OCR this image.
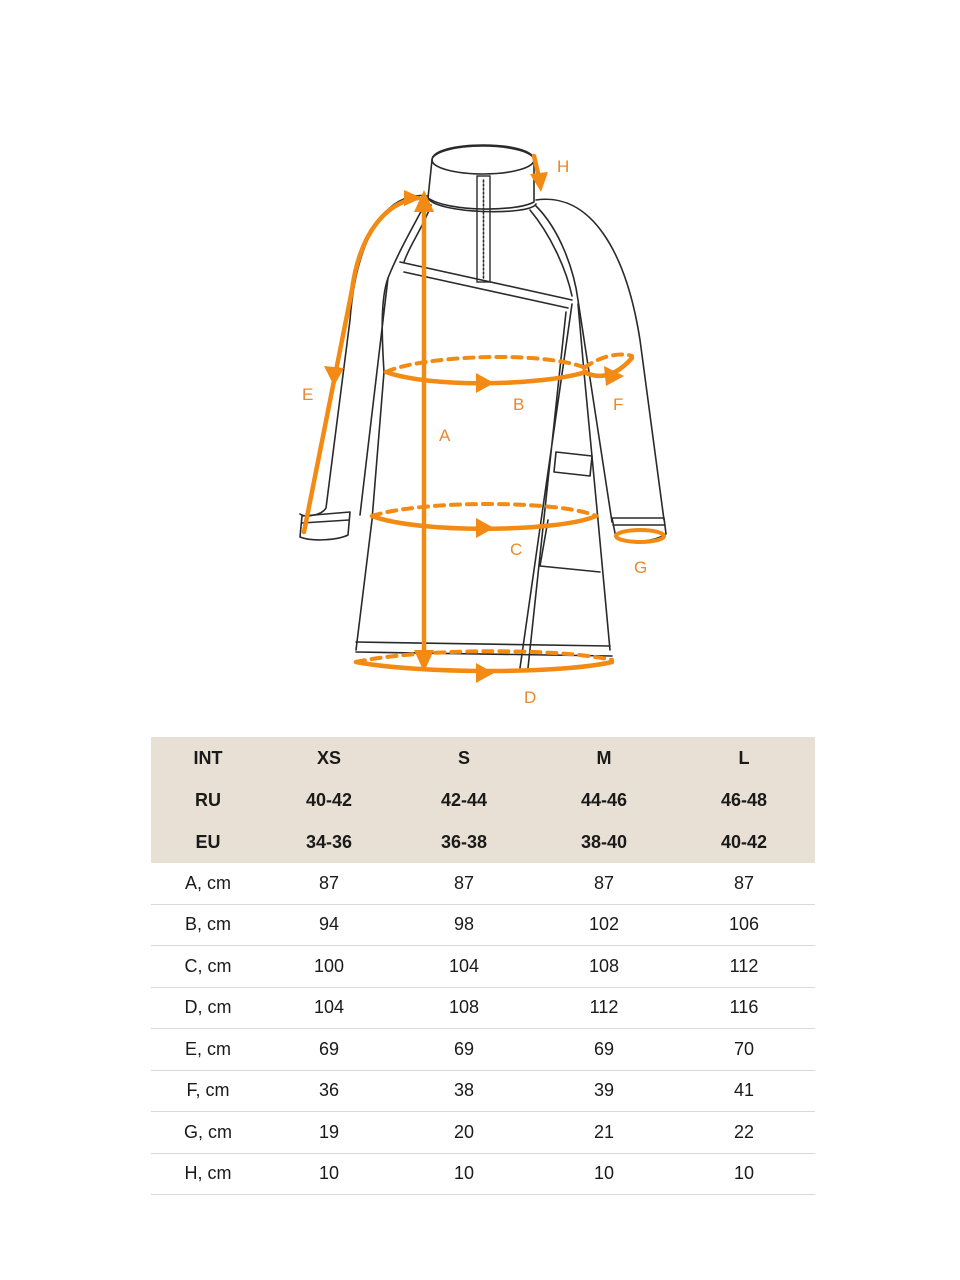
A
B
C
D
E
F
G
H
INT	XS	S	M	L
RU	40-42	42-44	44-46	46-48
EU	34-36	36-38	38-40	40-42
A, cm	87	87	87	87
B, cm	94	98	102	106
C, cm	100	104	108	112
D, cm	104	108	112	116
E, cm	69	69	69	70
F, cm	36	38	39	41
G, cm	19	20	21	22
H, cm	10	10	10	10
